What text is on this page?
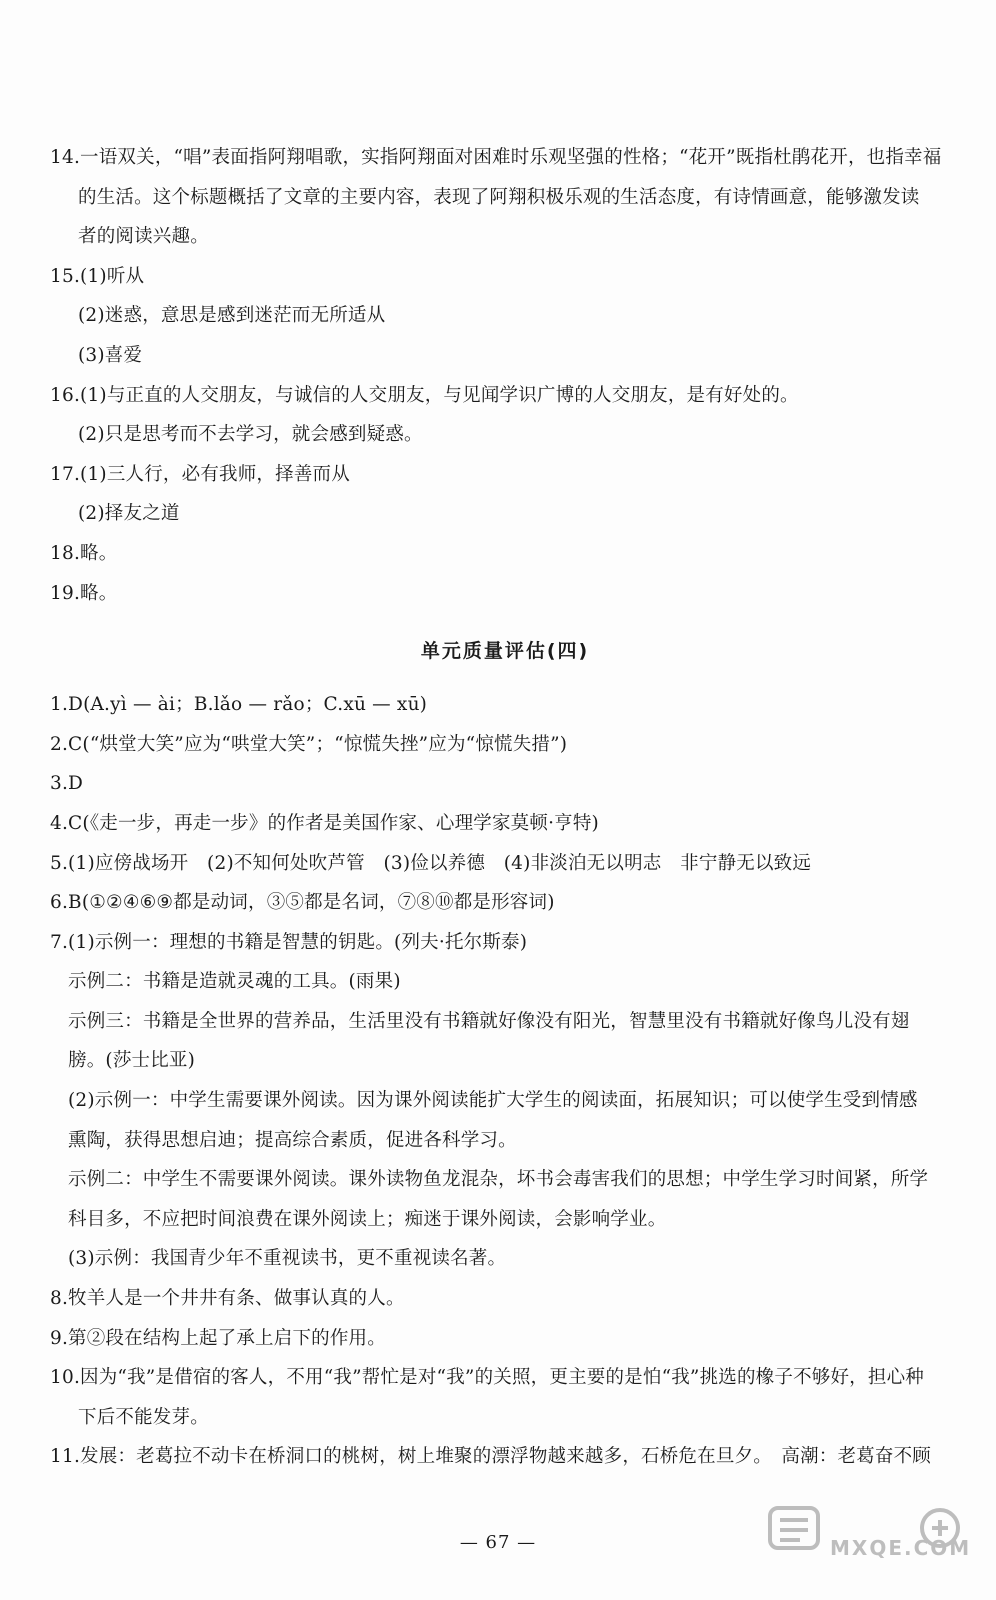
14.一语双关，“唱”表面指阿翔唱歌，实指阿翔面对困难时乐观坚强的性格；“花开”既指杜鹃花开，也指幸福
的生活。这个标题概括了文章的主要内容，表现了阿翔积极乐观的生活态度，有诗情画意，能够激发读
者的阅读兴趣。
15.(1)听从
(2)迷惑，意思是感到迷茫而无所适从
(3)喜爱
16.(1)与正直的人交朋友，与诚信的人交朋友，与见闻学识广博的人交朋友，是有好处的。
(2)只是思考而不去学习，就会感到疑惑。
17.(1)三人行，必有我师，择善而从
(2)择友之道
18.略。
19.略。
单元质量评估(四)
1.D(A.yì — ài；B.lǎo — rǎo；C.xū — xū)
2.C(“烘堂大笑”应为“哄堂大笑”；“惊慌失挫”应为“惊慌失措”)
3.D
4.C(《走一步，再走一步》的作者是美国作家、心理学家莫顿·亨特)
5.(1)应傍战场开　(2)不知何处吹芦管　(3)俭以养德　(4)非淡泊无以明志　非宁静无以致远
6.B(①②④⑥⑨都是动词，③⑤都是名词，⑦⑧⑩都是形容词)
7.(1)示例一：理想的书籍是智慧的钥匙。(列夫·托尔斯泰)
示例二：书籍是造就灵魂的工具。(雨果)
示例三：书籍是全世界的营养品，生活里没有书籍就好像没有阳光，智慧里没有书籍就好像鸟儿没有翅
膀。(莎士比亚)
(2)示例一：中学生需要课外阅读。因为课外阅读能扩大学生的阅读面，拓展知识；可以使学生受到情感
熏陶，获得思想启迪；提高综合素质，促进各科学习。
示例二：中学生不需要课外阅读。课外读物鱼龙混杂，坏书会毒害我们的思想；中学生学习时间紧，所学
科目多，不应把时间浪费在课外阅读上；痴迷于课外阅读，会影响学业。
(3)示例：我国青少年不重视读书，更不重视读名著。
8.牧羊人是一个井井有条、做事认真的人。
9.第②段在结构上起了承上启下的作用。
10.因为“我”是借宿的客人，不用“我”帮忙是对“我”的关照，更主要的是怕“我”挑选的橡子不够好，担心种
下后不能发芽。
11.发展：老葛拉不动卡在桥洞口的桃树，树上堆聚的漂浮物越来越多，石桥危在旦夕。　高潮：老葛奋不顾
— 67 —	MXQE.COM
